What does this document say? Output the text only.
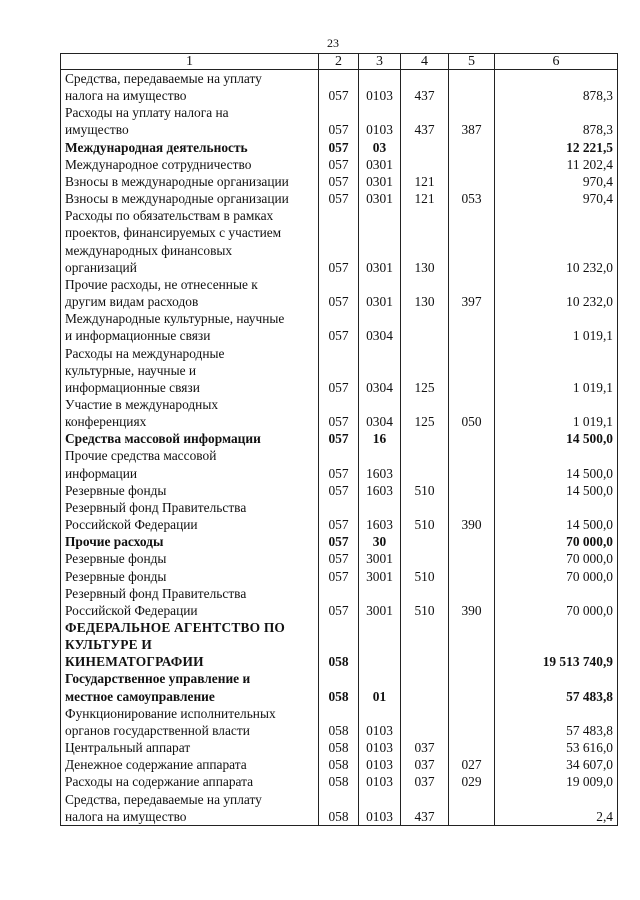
23
1	2	3	4	5	6
Средства, передаваемые на уплату
налога на имущество	057	0103	437		878,3
Расходы на уплату налога на
имущество	057	0103	437	387	878,3
Международная деятельность	057	03			12 221,5
Международное сотрудничество	057	0301			11 202,4
Взносы в международные организации	057	0301	121		970,4
Взносы в международные организации	057	0301	121	053	970,4
Расходы по обязательствам в рамках
проектов, финансируемых с участием
международных финансовых
организаций	057	0301	130		10 232,0
Прочие расходы, не отнесенные к
другим видам расходов	057	0301	130	397	10 232,0
Международные культурные, научные
и информационные связи	057	0304			1 019,1
Расходы на международные
культурные, научные и
информационные связи	057	0304	125		1 019,1
Участие в международных
конференциях	057	0304	125	050	1 019,1
Средства массовой информации	057	16			14 500,0
Прочие средства массовой
информации	057	1603			14 500,0
Резервные фонды	057	1603	510		14 500,0
Резервный фонд Правительства
Российской Федерации	057	1603	510	390	14 500,0
Прочие расходы	057	30			70 000,0
Резервные фонды	057	3001			70 000,0
Резервные фонды	057	3001	510		70 000,0
Резервный фонд Правительства
Российской Федерации	057	3001	510	390	70 000,0
ФЕДЕРАЛЬНОЕ АГЕНТСТВО ПО
КУЛЬТУРЕ И
КИНЕМАТОГРАФИИ	058				19 513 740,9
Государственное управление и
местное самоуправление	058	01			57 483,8
Функционирование исполнительных
органов государственной власти	058	0103			57 483,8
Центральный аппарат	058	0103	037		53 616,0
Денежное содержание аппарата	058	0103	037	027	34 607,0
Расходы на содержание аппарата	058	0103	037	029	19 009,0
Средства, передаваемые на уплату
налога на имущество	058	0103	437		2,4
